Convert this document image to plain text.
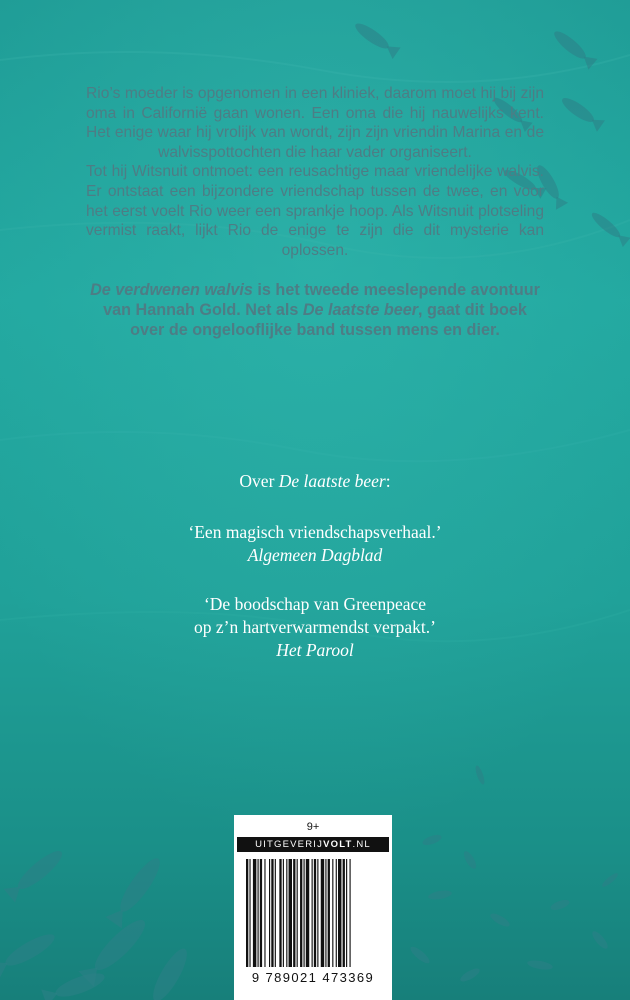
Rio’s moeder is opgenomen in een kliniek, daarom moet hij bij zijn oma in Californië gaan wonen. Een oma die hij nauwelijks kent. Het enige waar hij vrolijk van wordt, zijn zijn vriendin Marina en de walvisspottochten die haar vader organiseert.

Tot hij Witsnuit ontmoet: een reusachtige maar vriendelijke walvis. Er ontstaat een bijzondere vriendschap tussen de twee, en voor het eerst voelt Rio weer een sprankje hoop. Als Witsnuit plotseling vermist raakt, lijkt Rio de enige te zijn die dit mysterie kan oplossen.

De verdwenen walvis is het tweede meeslepende avontuur van Hannah Gold. Net als De laatste beer, gaat dit boek over de ongelooflijke band tussen mens en dier.

Over De laatste beer:

‘Een magisch vriendschapsverhaal.’
Algemeen Dagblad
‘De boodschap van Greenpeace
op z’n hartverwarmendst verpakt.’
Het Parool
9+
UITGEVERIJVOLT.NL
9 789021 473369
